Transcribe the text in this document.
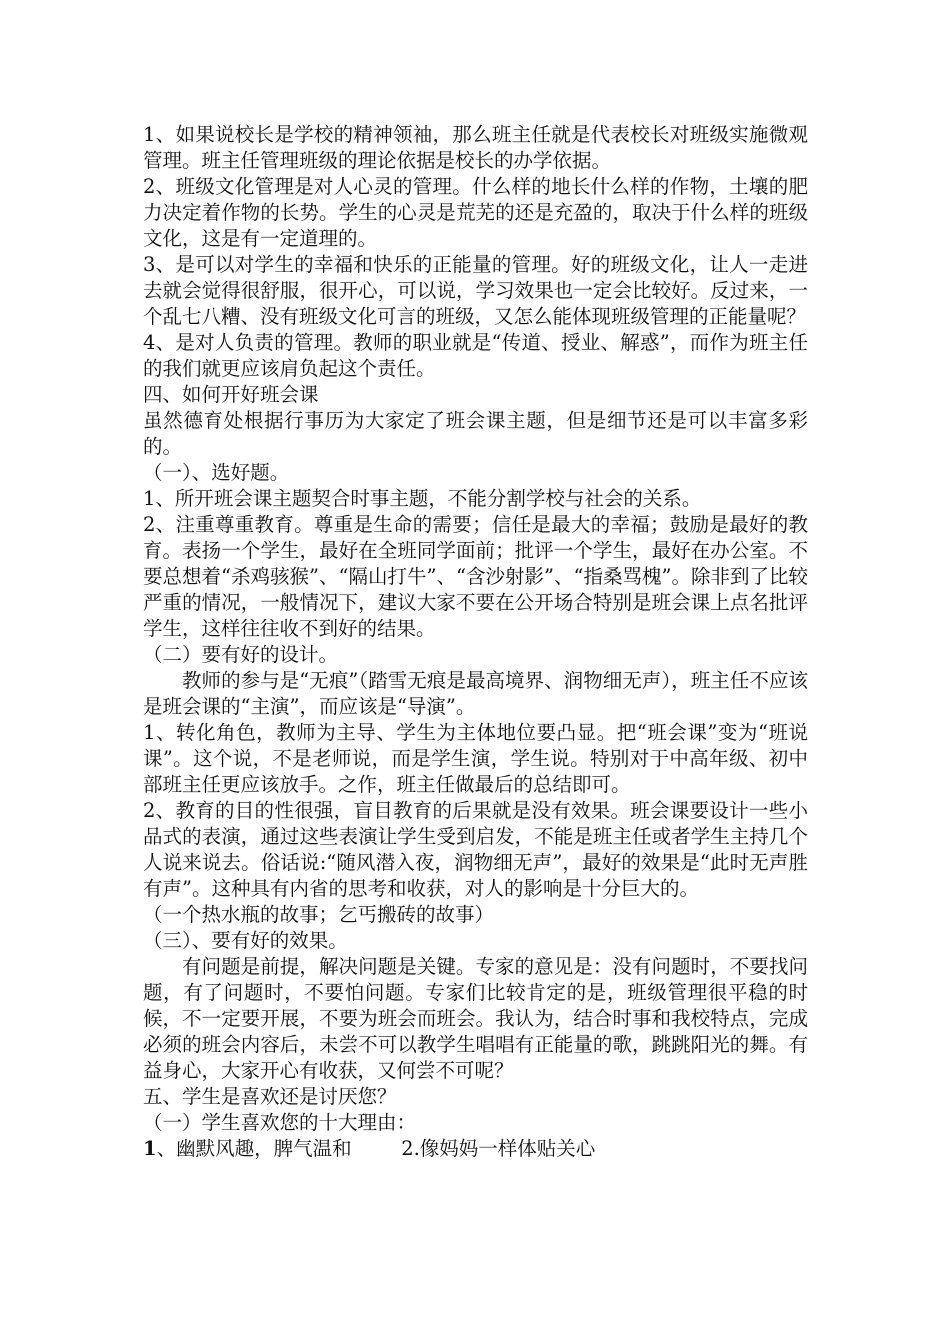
1、如果说校长是学校的精神领袖，那么班主任就是代表校长对班级实施微观管理。班主任管理班级的理论依据是校长的办学依据。

2、班级文化管理是对人心灵的管理。什么样的地长什么样的作物，土壤的肥力决定着作物的长势。学生的心灵是荒芜的还是充盈的，取决于什么样的班级文化，这是有一定道理的。

3、是可以对学生的幸福和快乐的正能量的管理。好的班级文化，让人一走进去就会觉得很舒服，很开心，可以说，学习效果也一定会比较好。反过来，一个乱七八糟、没有班级文化可言的班级，又怎么能体现班级管理的正能量呢？

4、是对人负责的管理。教师的职业就是“传道、授业、解惑”，而作为班主任的我们就更应该肩负起这个责任。

四、如何开好班会课

虽然德育处根据行事历为大家定了班会课主题，但是细节还是可以丰富多彩的。

（一）、选好题。

1、所开班会课主题契合时事主题，不能分割学校与社会的关系。

2、注重尊重教育。尊重是生命的需要；信任是最大的幸福；鼓励是最好的教育。表扬一个学生，最好在全班同学面前；批评一个学生，最好在办公室。不要总想着“杀鸡骇猴”、“隔山打牛”、“含沙射影”、“指桑骂槐”。除非到了比较严重的情况，一般情况下，建议大家不要在公开场合特别是班会课上点名批评学生，这样往往收不到好的结果。

（二）要有好的设计。

教师的参与是“无痕”（踏雪无痕是最高境界、润物细无声），班主任不应该是班会课的“主演”，而应该是“导演”。

1、转化角色，教师为主导、学生为主体地位要凸显。把“班会课”变为“班说课”。这个说，不是老师说，而是学生演，学生说。特别对于中高年级、初中部班主任更应该放手。之作，班主任做最后的总结即可。

2、教育的目的性很强，盲目教育的后果就是没有效果。班会课要设计一些小品式的表演，通过这些表演让学生受到启发，不能是班主任或者学生主持几个人说来说去。俗话说:“随风潜入夜，润物细无声”，最好的效果是“此时无声胜有声”。这种具有内省的思考和收获，对人的影响是十分巨大的。

（一个热水瓶的故事；乞丐搬砖的故事）

（三）、要有好的效果。

有问题是前提，解决问题是关键。专家的意见是：没有问题时，不要找问题，有了问题时，不要怕问题。专家们比较肯定的是，班级管理很平稳的时候，不一定要开展，不要为班会而班会。我认为，结合时事和我校特点，完成必须的班会内容后，未尝不可以教学生唱唱有正能量的歌，跳跳阳光的舞。有益身心，大家开心有收获，又何尝不可呢？

五、学生是喜欢还是讨厌您？

（一）学生喜欢您的十大理由：

1、幽默风趣，脾气温和	2.像妈妈一样体贴关心
